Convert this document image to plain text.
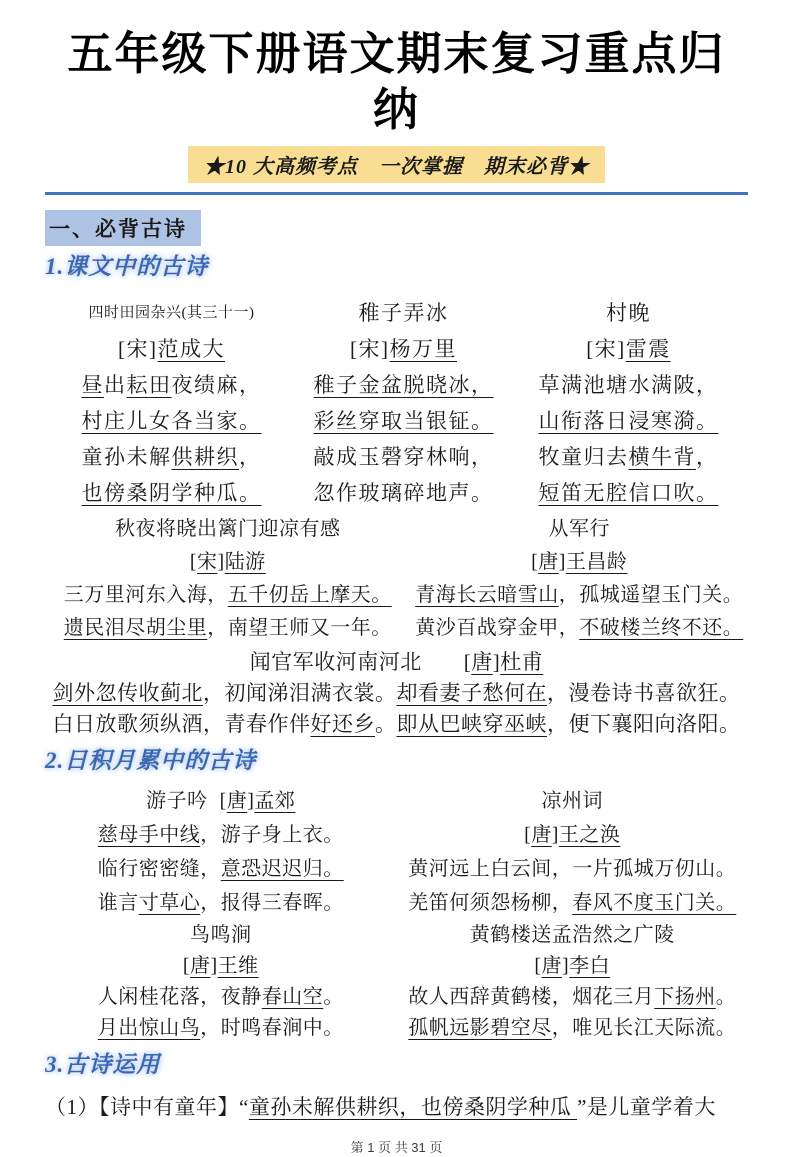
五年级下册语文期末复习重点归纳
★10 大高频考点　一次掌握　期末必背★
一、必背古诗
1.课文中的古诗
四时田园杂兴(其三十一)
[宋]范成大
昼出耘田夜绩麻，
村庄儿女各当家。
童孙未解供耕织，
也傍桑阴学种瓜。
稚子弄冰
[宋]杨万里
稚子金盆脱晓冰，
彩丝穿取当银钲。
敲成玉磬穿林响，
忽作玻璃碎地声。
村晚
[宋]雷震
草满池塘水满陂，
山衔落日浸寒漪。
牧童归去横牛背，
短笛无腔信口吹。
秋夜将晓出篱门迎凉有感
[宋]陆游
三万里河东入海，五千仞岳上摩天。
遗民泪尽胡尘里，南望王师又一年。
从军行
[唐]王昌龄
青海长云暗雪山，孤城遥望玉门关。
黄沙百战穿金甲，不破楼兰终不还。
闻官军收河南河北 [唐]杜甫
剑外忽传收蓟北，初闻涕泪满衣裳。却看妻子愁何在，漫卷诗书喜欲狂。
白日放歌须纵酒，青春作伴好还乡。即从巴峡穿巫峡，便下襄阳向洛阳。
2.日积月累中的古诗
游子吟 [唐]孟郊
慈母手中线，游子身上衣。
临行密密缝，意恐迟迟归。
谁言寸草心，报得三春晖。
凉州词
[唐]王之涣
黄河远上白云间，一片孤城万仞山。
羌笛何须怨杨柳，春风不度玉门关。
鸟鸣涧
[唐]王维
人闲桂花落，夜静春山空。
月出惊山鸟，时鸣春涧中。
黄鹤楼送孟浩然之广陵
[唐]李白
故人西辞黄鹤楼，烟花三月下扬州。
孤帆远影碧空尽，唯见长江天际流。
3.古诗运用

（1）【诗中有童年】“童孙未解供耕织，也傍桑阴学种瓜 ”是儿童学着大

第 1 页 共 31 页
